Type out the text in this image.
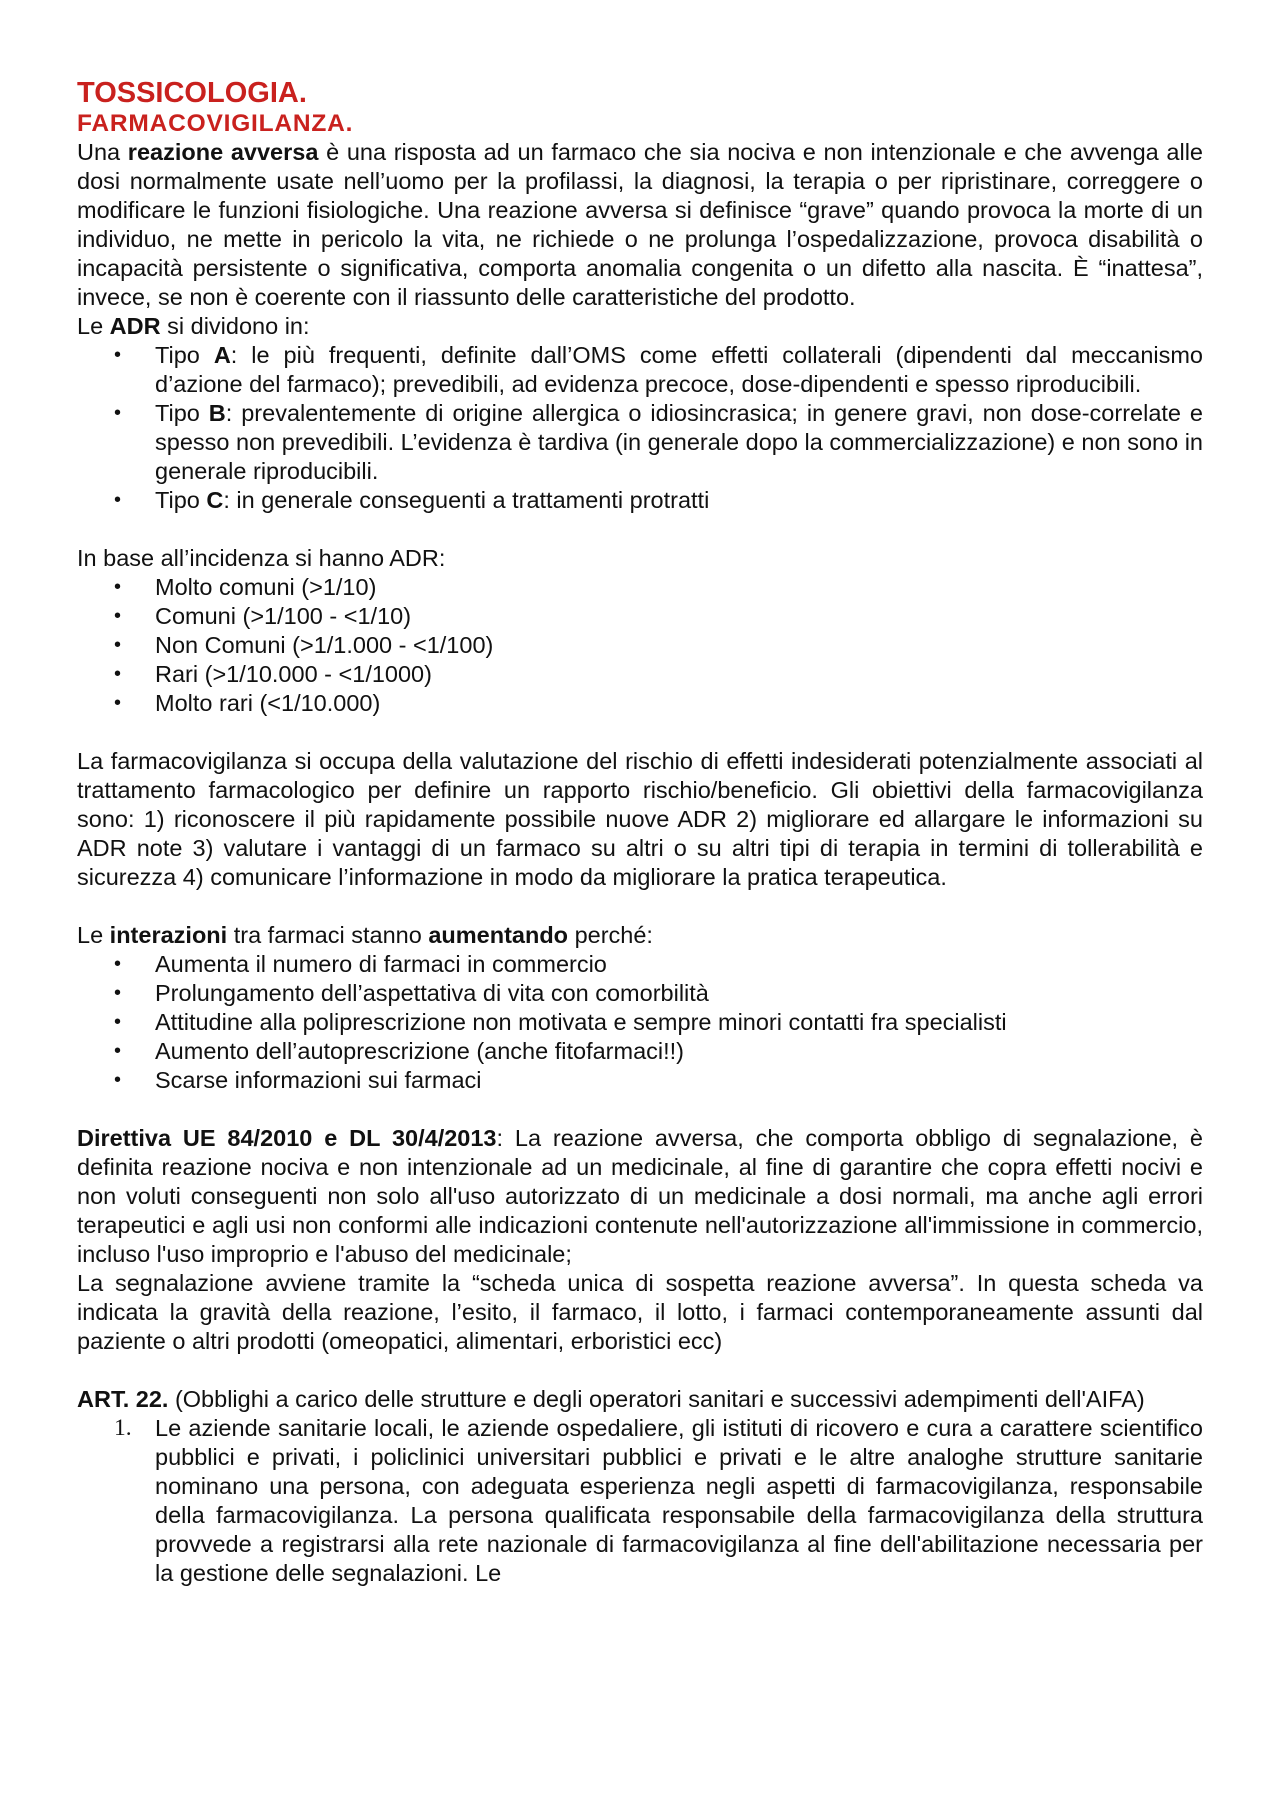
TOSSICOLOGIA.
FARMACOVIGILANZA.

Una reazione avversa è una risposta ad un farmaco che sia nociva e non intenzionale e che avvenga alle dosi normalmente usate nell’uomo per la profilassi, la diagnosi, la terapia o per ripristinare, correggere o modificare le funzioni fisiologiche. Una reazione avversa si definisce “grave” quando provoca la morte di un individuo, ne mette in pericolo la vita, ne richiede o ne prolunga l’ospedalizzazione, provoca disabilità o incapacità persistente o significativa, comporta anomalia congenita o un difetto alla nascita. È “inattesa”, invece, se non è coerente con il riassunto delle caratteristiche del prodotto.

Le ADR si dividono in:

• Tipo A: le più frequenti, definite dall’OMS come effetti collaterali (dipendenti dal meccanismo d’azione del farmaco); prevedibili, ad evidenza precoce, dose-dipendenti e spesso riproducibili.
• Tipo B: prevalentemente di origine allergica o idiosincrasica; in genere gravi, non dose-correlate e spesso non prevedibili. L’evidenza è tardiva (in generale dopo la commercializzazione) e non sono in generale riproducibili.
• Tipo C: in generale conseguenti a trattamenti protratti

In base all’incidenza si hanno ADR:

• Molto comuni (>1/10)
• Comuni (>1/100 - <1/10)
• Non Comuni (>1/1.000 - <1/100)
• Rari (>1/10.000 - <1/1000)
• Molto rari (<1/10.000)

La farmacovigilanza si occupa della valutazione del rischio di effetti indesiderati potenzialmente associati al trattamento farmacologico per definire un rapporto rischio/beneficio. Gli obiettivi della farmacovigilanza sono: 1) riconoscere il più rapidamente possibile nuove ADR 2) migliorare ed allargare le informazioni su ADR note 3) valutare i vantaggi di un farmaco su altri o su altri tipi di terapia in termini di tollerabilità e sicurezza 4) comunicare l’informazione in modo da migliorare la pratica terapeutica.

Le interazioni tra farmaci stanno aumentando perché:

• Aumenta il numero di farmaci in commercio
• Prolungamento dell’aspettativa di vita con comorbilità
• Attitudine alla poliprescrizione non motivata e sempre minori contatti fra specialisti
• Aumento dell’autoprescrizione (anche fitofarmaci!!)
• Scarse informazioni sui farmaci

Direttiva UE 84/2010 e DL 30/4/2013: La reazione avversa, che comporta obbligo di segnalazione, è definita reazione nociva e non intenzionale ad un medicinale, al fine di garantire che copra effetti nocivi e non voluti conseguenti non solo all'uso autorizzato di un medicinale a dosi normali, ma anche agli errori terapeutici e agli usi non conformi alle indicazioni contenute nell'autorizzazione all'immissione in commercio, incluso l'uso improprio e l'abuso del medicinale;

La segnalazione avviene tramite la “scheda unica di sospetta reazione avversa”. In questa scheda va indicata la gravità della reazione, l’esito, il farmaco, il lotto, i farmaci contemporaneamente assunti dal paziente o altri prodotti (omeopatici, alimentari, erboristici ecc)

ART. 22. (Obblighi a carico delle strutture e degli operatori sanitari e successivi adempimenti dell'AIFA)

1. Le aziende sanitarie locali, le aziende ospedaliere, gli istituti di ricovero e cura a carattere scientifico pubblici e privati, i policlinici universitari pubblici e privati e le altre analoghe strutture sanitarie nominano una persona, con adeguata esperienza negli aspetti di farmacovigilanza, responsabile della farmacovigilanza. La persona qualificata responsabile della farmacovigilanza della struttura provvede a registrarsi alla rete nazionale di farmacovigilanza al fine dell'abilitazione necessaria per la gestione delle segnalazioni. Le
